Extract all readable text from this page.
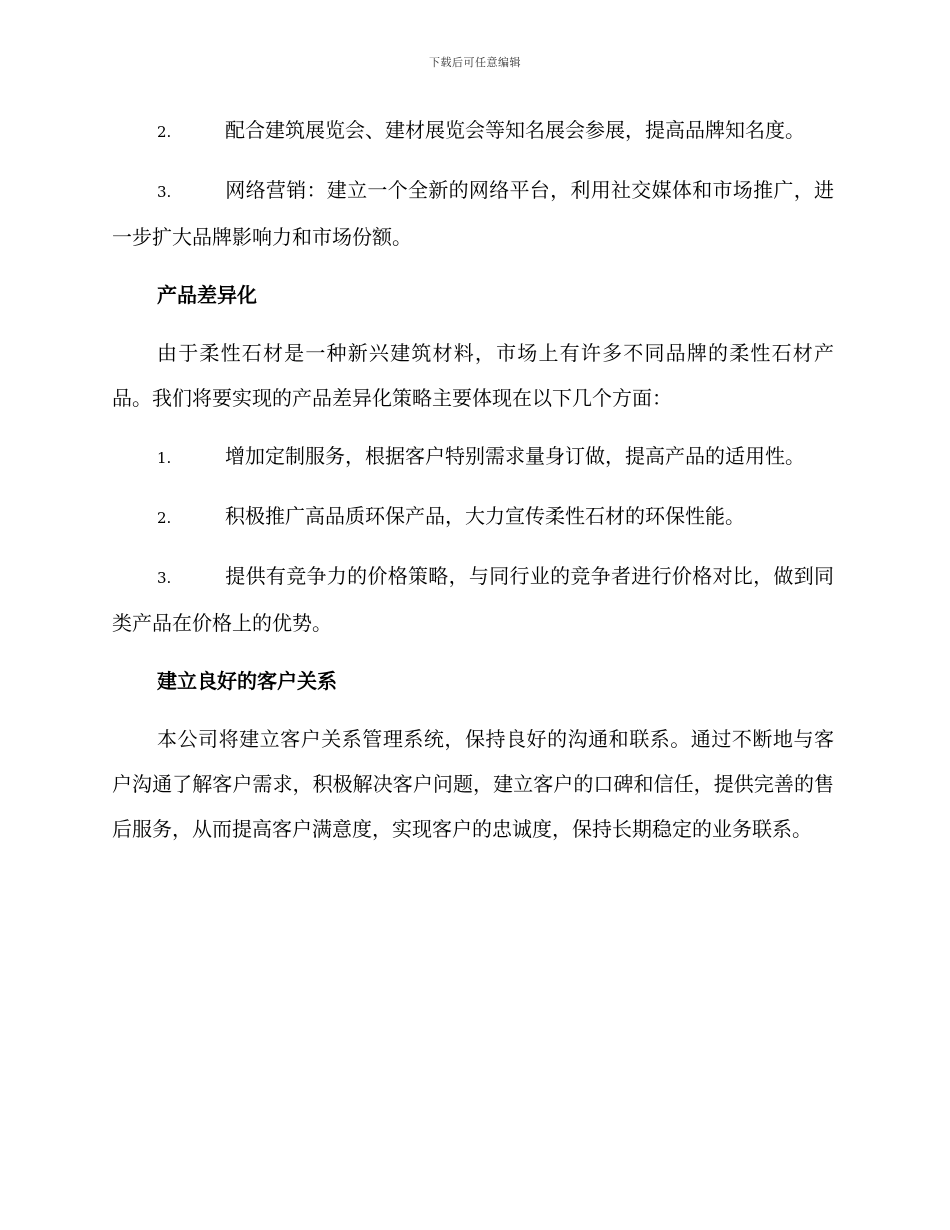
下载后可任意编辑

2.	配合建筑展览会、建材展览会等知名展会参展，提高品牌知名度。

3.	网络营销：建立一个全新的网络平台，利用社交媒体和市场推广，进一步扩大品牌影响力和市场份额。

产品差异化

由于柔性石材是一种新兴建筑材料，市场上有许多不同品牌的柔性石材产品。我们将要实现的产品差异化策略主要体现在以下几个方面：

1.	增加定制服务，根据客户特别需求量身订做，提高产品的适用性。

2.	积极推广高品质环保产品，大力宣传柔性石材的环保性能。

3.	提供有竞争力的价格策略，与同行业的竞争者进行价格对比，做到同类产品在价格上的优势。

建立良好的客户关系

本公司将建立客户关系管理系统，保持良好的沟通和联系。通过不断地与客户沟通了解客户需求，积极解决客户问题，建立客户的口碑和信任，提供完善的售后服务，从而提高客户满意度，实现客户的忠诚度，保持长期稳定的业务联系。
